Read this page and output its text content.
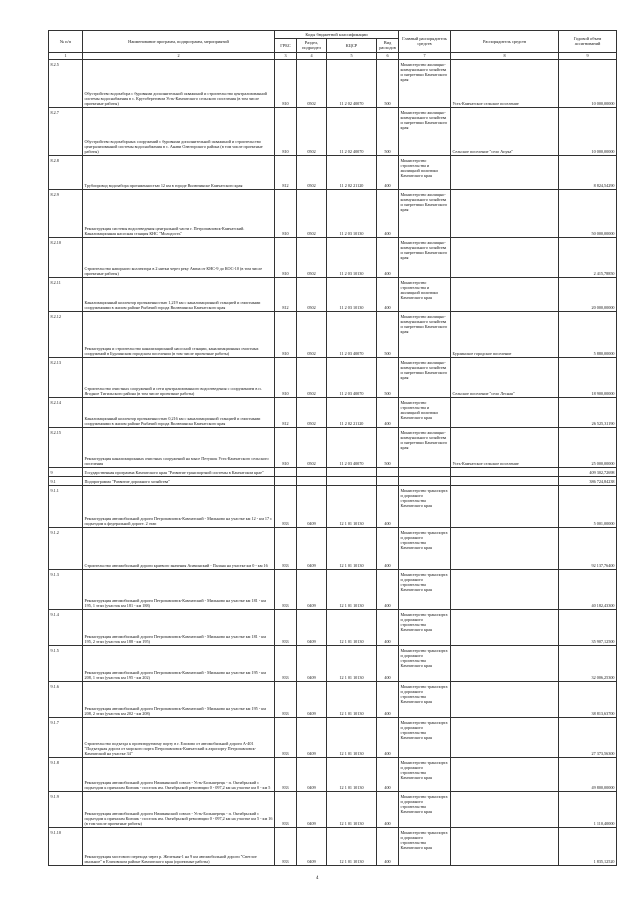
№ п/п	Наименование программ, подпрограмм, мероприятий	Коды бюджетной классификации				Главный распорядитель средств	Распорядитель средств	Годовой объем ассигнований
		ГРБС	Раздел, подраздел	КЦСР	Вид расходов			
1	2	3	4	5	6	7	8	9
8.2.5	Обустройство водозабора с буровыми дополнительной скважиной и строительство централизованной системы водоснабжения в с. Крутобереговом Усть-Камчатского сельского поселения (в том числе проектные работы)	810	0502	11 2 02 40070	500	Министерство жилищно-коммунального хозяйства и энергетики Камчатского края	Усть-Камчатское сельское поселение	10 000,00000
8.2.7	Обустройство водозаборных сооружений с буровыми дополнительной скважиной и строительство централизованной системы водоснабжения в с. Анави Олюторского района (в том числе проектные работы)	810	0502	11 2 02 40070	500	Министерство жилищно-коммунального хозяйства и энергетики Камчатского края	Сельское поселение "село Апука"	10 000,00000
8.2.8	Трубопровод водозабора протяженностью 12 км в городе Вилючинске Камчатского края	812	0502	11 2 02 21120	400	Министерство строительства и жилищной политики Камчатского края		8 824,54290
8.2.9	Реконструкция системы водоотведения центральной части г. Петропавловск-Камчатский. Канализационная насосная станция КНС "Молодость"	810	0502	11 2 03 10130	400	Министерство жилищно-коммунального хозяйства и энергетики Камчатского края		50 000,00000
8.2.10	Строительство напорного коллектора в 2 нитки через реку Авача от КНС-9 до КОС-10 (в том числе проектные работы)	810	0502	11 2 03 10130	400	Министерство жилищно-коммунального хозяйства и энергетики Камчатского края		2 415,78850
8.2.11	Канализационный коллектор протяженностью 1,219 км с канализационной станцией и очистными сооружениями в жилом районе Рыбачий города Вилючинска Камчатского края	812	0502	11 2 03 10130	400	Министерство строительства и жилищной политики Камчатского края		20 000,00000
8.2.12	Реконструкция и строительство канализационной насосной станции, канализационных очистных сооружений в Бурлинском городском поселении (в том числе проектные работы)	810	0502	11 2 03 40070	500	Министерство жилищно-коммунального хозяйства и энергетики Камчатского края	Бурлинское городское поселение	5 880,00000
8.2.13	Строительство очистных сооружений и сети централизованного водоотведения с сооружением в п. Ягодное Тигильского района (в том числе проектные работы)	810	0502	11 2 03 40070	500	Министерство жилищно-коммунального хозяйства и энергетики Камчатского края	Сельское поселение "село Лесная"	18 900,00000
8.2.14	Канализационный коллектор протяженностью 0,216 км с канализационной станцией и очистными сооружениями в жилом районе Рыбачий города Вилючинска Камчатского края	812	0502	11 2 02 21120	400	Министерство строительства и жилищной политики Камчатского края		26 525,31190
8.2.15	Реконструкция канализационных очистных сооружений на мысе Петушок Усть-Камчатского сельского поселения	810	0502	11 2 03 40070	500	Министерство жилищно-коммунального хозяйства и энергетики Камчатского края	Усть-Камчатское сельское поселение	25 000,00000
9	Государственная программа Камчатского края "Развитие транспортной системы в Камчатском крае"							409 302,72698
9.1	Подпрограмма "Развитие дорожного хозяйства"							386 724,84238
9.1.1	Реконструкция автомобильной дороги Петропавловск-Камчатский - Мильково на участке км 12 - км 17 с подъездом к федеральной дороге. 2 этап	833	0409	12 1 01 10130	400	Министерство транспорта и дорожного строительства Камчатского края		5 001,00000
9.1.2	Строительство автомобильной дороги краевого значения Апачинский - Палана на участке км 0 - км 16	833	0409	12 1 01 10130	400	Министерство транспорта и дорожного строительства Камчатского края		92 137,76400
9.1.3	Реконструкция автомобильной дороги Петропавловск-Камчатский - Мильково на участке км 181 - км 195, 1 этап (участок км 181 - км 188)	833	0409	12 1 01 10130	400	Министерство транспорта и дорожного строительства Камчатского края		40 182,43300
9.1.4	Реконструкция автомобильной дороги Петропавловск-Камчатский - Мильково на участке км 181 - км 195, 2 этап (участок км 188 - км 195)	833	0409	12 1 01 10130	400	Министерство транспорта и дорожного строительства Камчатского края		35 907,12500
9.1.5	Реконструкция автомобильной дороги Петропавловск-Камчатский - Мильково на участке км 195 - км 208, 1 этап (участок км 195 - км 202)	833	0409	12 1 01 10130	400	Министерство транспорта и дорожного строительства Камчатского края		32 006,25300
9.1.6	Реконструкция автомобильной дороги Петропавловск-Камчатский - Мильково на участке км 195 - км 208, 2 этап (участок км 202 - км 208)	833	0409	12 1 01 10130	400	Министерство транспорта и дорожного строительства Камчатского края		38 813,63700
9.1.7	Строительство подъезда к проектируемому порту в г. Елизово от автомобильной дороги А-401 "Подъездная дорога от морского порта Петропавловск-Камчатский к аэропорту Петропавловск-Камчатский на участке 34"	833	0409	12 1 01 10130	400	Министерство транспорта и дорожного строительства Камчатского края		27 373,56300
9.1.8	Реконструкция автомобильной дороги Начикинский совхоз - Усть-Большерецк - п. Октябрьский с подъездом к причалам Кихчик - поселок им. Октябрьской революции 0 - 097,2 км на участке км 0 - км 5	833	0409	12 1 01 10130	400	Министерство транспорта и дорожного строительства Камчатского края		49 800,00000
9.1.9	Реконструкция автомобильной дороги Начикинский совхоз - Усть-Большерецк - п. Октябрьский с подъездом к причалам Кихчик - поселок им. Октябрьской революции 0 - 097,2 км на участке км 5 - км 16 (в том числе проектные работы)	833	0409	12 1 01 10130	400	Министерство транспорта и дорожного строительства Камчатского края		1 110,40000
9.1.10	Реконструкция мостового перехода через р. Железная-1 на 9 км автомобильной дороги "Светлое мыльное" в Елизовском районе Камчатского края (проектные работы)	833	0409	12 1 01 10130	400	Министерство транспорта и дорожного строительства Камчатского края		1 835,12520
4
